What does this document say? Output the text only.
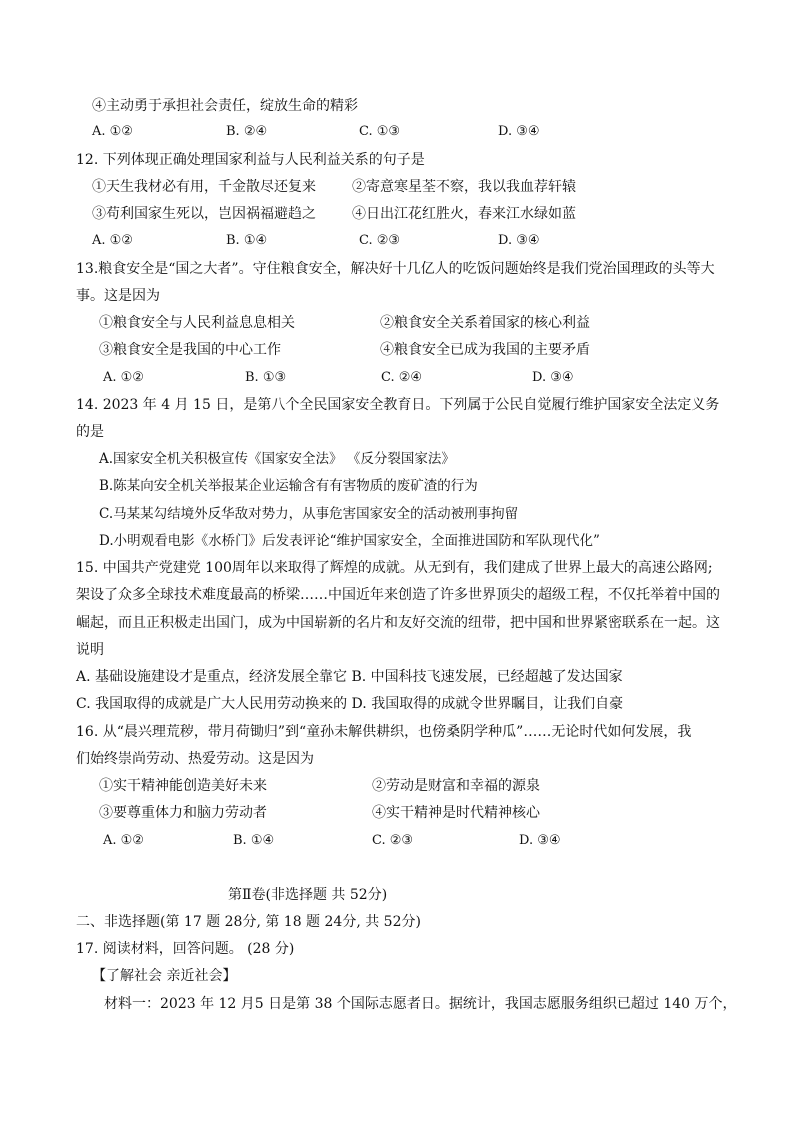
④主动勇于承担社会责任，绽放生命的精彩
A. ①②	B. ②④	C. ①③	D. ③④
12. 下列体现正确处理国家利益与人民利益关系的句子是
①天生我材必有用，千金散尽还复来	②寄意寒星荃不察，我以我血荐轩辕
③苟利国家生死以，岂因祸福避趋之	④日出江花红胜火，春来江水绿如蓝
A. ①②	B. ①④	C. ②③	D. ③④
13.粮食安全是“国之大者”。守住粮食安全，解决好十几亿人的吃饭问题始终是我们党治国理政的头等大
事。这是因为
①粮食安全与人民利益息息相关	②粮食安全关系着国家的核心利益
③粮食安全是我国的中心工作	④粮食安全已成为我国的主要矛盾
A. ①②	B. ①③	C. ②④	D. ③④
14. 2023 年 4 月 15 日，是第八个全民国家安全教育日。下列属于公民自觉履行维护国家安全法定义务
的是
A.国家安全机关积极宣传《国家安全法》 《反分裂国家法》
B.陈某向安全机关举报某企业运输含有有害物质的废矿渣的行为
C.马某某勾结境外反华敌对势力，从事危害国家安全的活动被刑事拘留
D.小明观看电影《水桥门》后发表评论“维护国家安全，全面推进国防和军队现代化”
15. 中国共产党建党 100周年以来取得了辉煌的成就。从无到有，我们建成了世界上最大的高速公路网;
架设了众多全球技术难度最高的桥梁……中国近年来创造了许多世界顶尖的超级工程，不仅托举着中国的
崛起，而且正积极走出国门，成为中国崭新的名片和友好交流的纽带，把中国和世界紧密联系在一起。这
说明
A. 基础设施建设才是重点，经济发展全靠它 B. 中国科技飞速发展，已经超越了发达国家
C. 我国取得的成就是广大人民用劳动换来的 D. 我国取得的成就令世界瞩目，让我们自豪
16. 从“晨兴理荒秽，带月荷锄归”到“童孙未解供耕织，也傍桑阴学种瓜”……无论时代如何发展，我
们始终崇尚劳动、热爱劳动。这是因为
①实干精神能创造美好未来	②劳动是财富和幸福的源泉
③要尊重体力和脑力劳动者	④实干精神是时代精神核心
A. ①②	B. ①④	C. ②③	D. ③④
第Ⅱ卷(非选择题 共 52分)
二、非选择题(第 17 题 28分, 第 18 题 24分, 共 52分)
17. 阅读材料，回答问题。 (28 分)
【了解社会 亲近社会】
材料一：2023 年 12 月5 日是第 38 个国际志愿者日。据统计，我国志愿服务组织已超过 140 万个，
